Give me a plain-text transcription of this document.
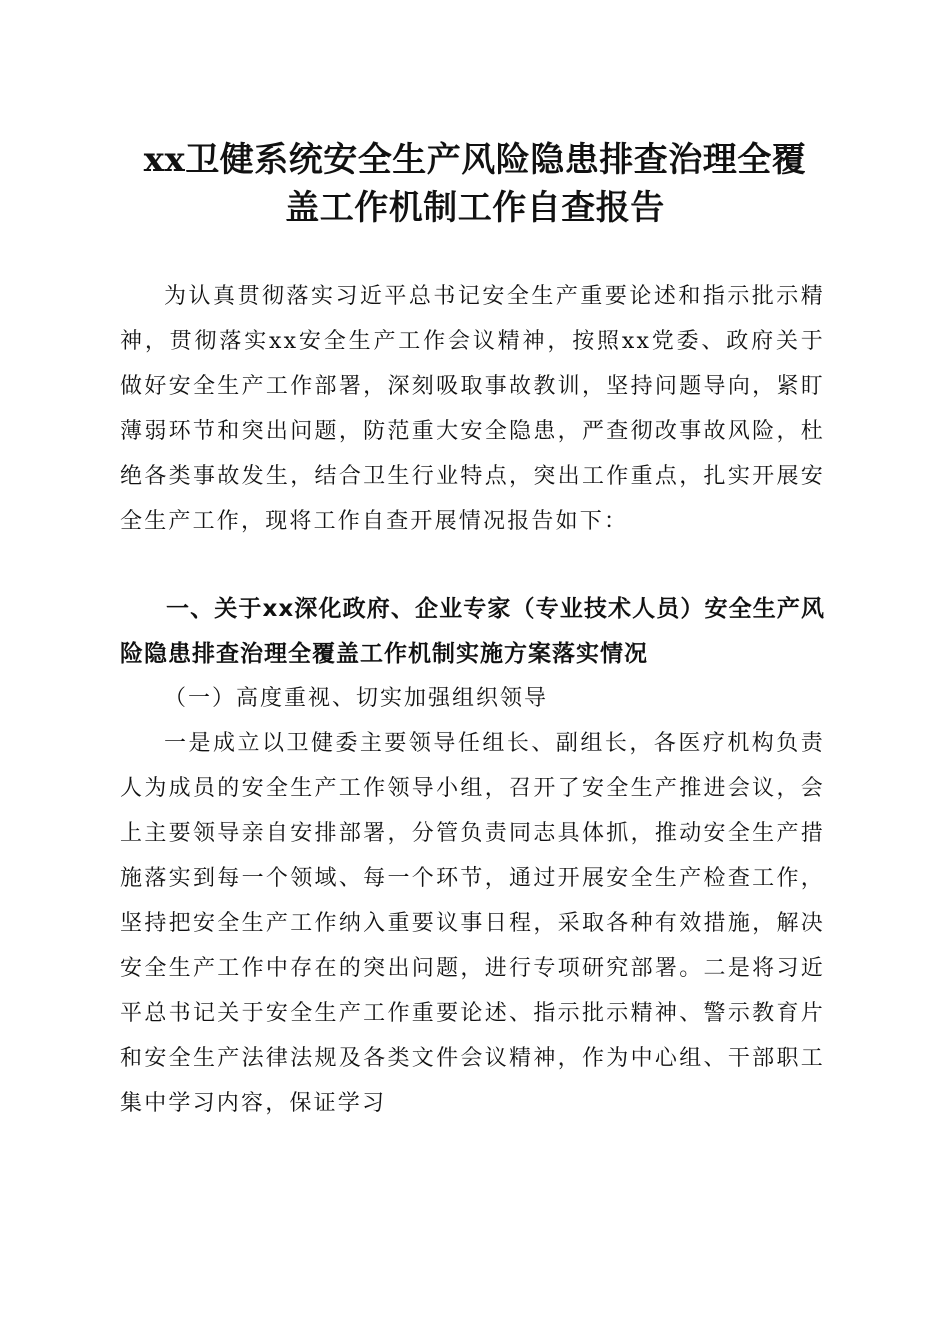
xx卫健系统安全生产风险隐患排查治理全覆
盖工作机制工作自查报告
为认真贯彻落实习近平总书记安全生产重要论述和指示批示精神，贯彻落实xx安全生产工作会议精神，按照xx党委、政府关于做好安全生产工作部署，深刻吸取事故教训，坚持问题导向，紧盯薄弱环节和突出问题，防范重大安全隐患，严查彻改事故风险，杜绝各类事故发生，结合卫生行业特点，突出工作重点，扎实开展安全生产工作，现将工作自查开展情况报告如下：
一、关于xx深化政府、企业专家（专业技术人员）安全生产风险隐患排查治理全覆盖工作机制实施方案落实情况
（一）高度重视、切实加强组织领导
一是成立以卫健委主要领导任组长、副组长，各医疗机构负责人为成员的安全生产工作领导小组，召开了安全生产推进会议，会上主要领导亲自安排部署，分管负责同志具体抓，推动安全生产措施落实到每一个领域、每一个环节，通过开展安全生产检查工作，坚持把安全生产工作纳入重要议事日程，采取各种有效措施，解决安全生产工作中存在的突出问题，进行专项研究部署。二是将习近平总书记关于安全生产工作重要论述、指示批示精神、警示教育片和安全生产法律法规及各类文件会议精神，作为中心组、干部职工集中学习内容，保证学习
